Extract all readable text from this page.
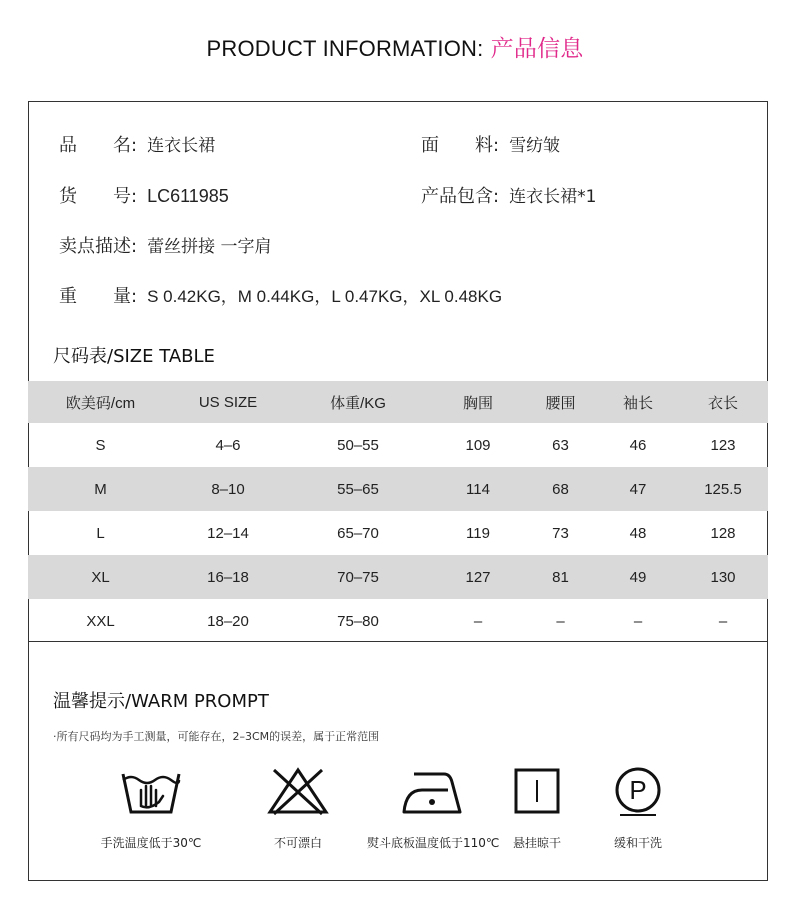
PRODUCT INFORMATION: 产品信息
品　　名: 连衣长裙	面　　料: 雪纺皱
货　　号: LC611985	产品包含: 连衣长裙*1
卖点描述: 蕾丝拼接 一字肩
重　　量: S 0.42KG，M 0.44KG，L 0.47KG，XL 0.48KG
尺码表/SIZE TABLE
欧美码/cm	US SIZE	体重/KG	胸围	腰围	袖长	衣长
S	4–6	50–55	109	63	46	123
M	8–10	55–65	114	68	47	125.5
L	12–14	65–70	119	73	48	128
XL	16–18	70–75	127	81	49	130
XXL	18–20	75–80	–	–	–	–
温馨提示/WARM PROMPT
·所有尺码均为手工测量，可能存在，2–3CM的误差，属于正常范围
手洗温度低于30℃	不可漂白	熨斗底板温度低于110℃	悬挂晾干
P
缓和干洗
